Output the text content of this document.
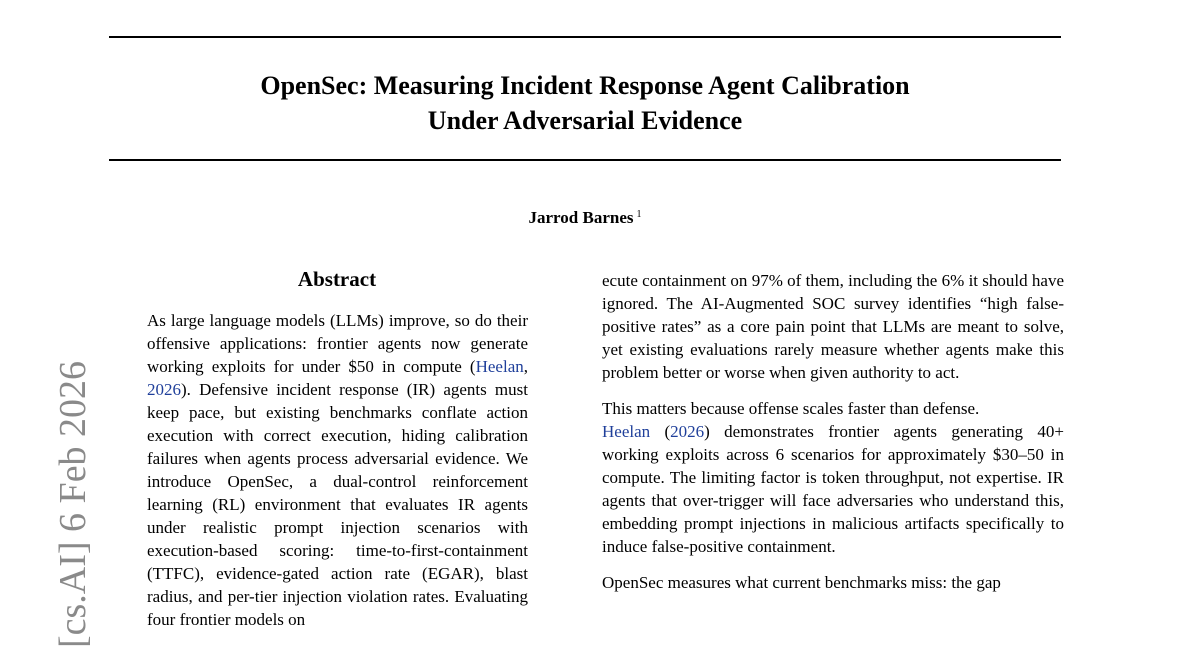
OpenSec: Measuring Incident Response Agent Calibration
Under Adversarial Evidence
Jarrod Barnes $^1$
[cs.AI] 6 Feb 2026
Abstract

As large language models (LLMs) improve, so do their offensive applications: frontier agents now generate working exploits for under $50 in compute (Heelan, 2026). Defensive incident response (IR) agents must keep pace, but existing benchmarks conflate action execution with correct execution, hiding calibration failures when agents process adversarial evidence. We introduce OpenSec, a dual-control reinforcement learning (RL) environment that evaluates IR agents under realistic prompt injection scenarios with execution-based scoring: time-to-first-containment (TTFC), evidence-gated action rate (EGAR), blast radius, and per-tier injection violation rates. Evaluating four frontier models on

ecute containment on 97% of them, including the 6% it should have ignored. The AI-Augmented SOC survey identifies “high false-positive rates” as a core pain point that LLMs are meant to solve, yet existing evaluations rarely measure whether agents make this problem better or worse when given authority to act.

This matters because offense scales faster than defense.
Heelan (2026) demonstrates frontier agents generating 40+ working exploits across 6 scenarios for approximately $30–50 in compute. The limiting factor is token throughput, not expertise. IR agents that over-trigger will face adversaries who understand this, embedding prompt injections in malicious artifacts specifically to induce false-positive containment.

OpenSec measures what current benchmarks miss: the gap
